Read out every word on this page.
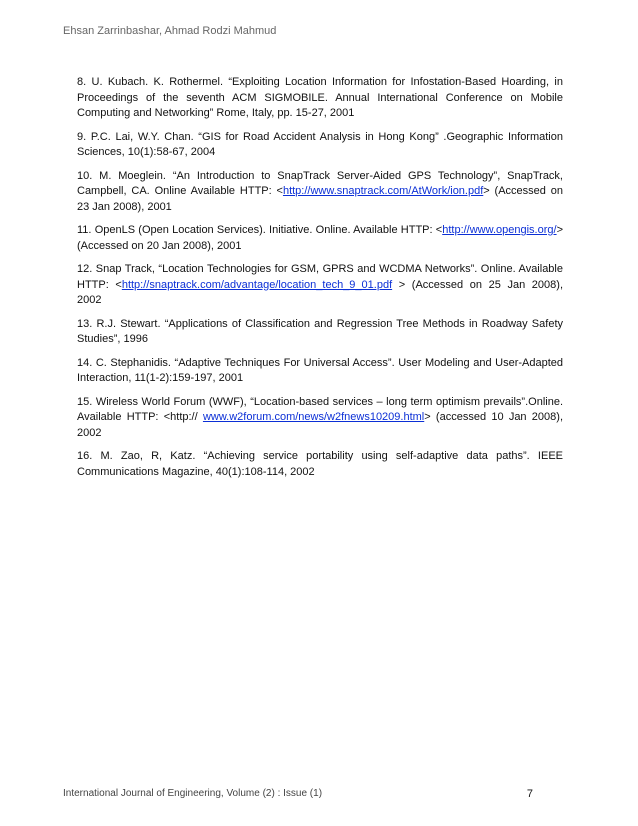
Ehsan Zarrinbashar, Ahmad Rodzi Mahmud

8. U. Kubach. K. Rothermel. “Exploiting Location Information for Infostation-Based Hoarding, in Proceedings of the seventh ACM SIGMOBILE. Annual International Conference on Mobile Computing and Networking” Rome, Italy, pp. 15-27, 2001

9. P.C. Lai, W.Y. Chan. “GIS for Road Accident Analysis in Hong Kong” .Geographic Information Sciences, 10(1):58-67, 2004

10. M. Moeglein. “An Introduction to SnapTrack Server-Aided GPS Technology”, SnapTrack, Campbell, CA. Online Available HTTP: <http://www.snaptrack.com/AtWork/ion.pdf> (Accessed on 23 Jan 2008), 2001

11. OpenLS (Open Location Services). Initiative. Online. Available HTTP: <http://www.opengis.org/> (Accessed on 20 Jan 2008), 2001

12. Snap Track, “Location Technologies for GSM, GPRS and WCDMA Networks”. Online. Available HTTP: <http://snaptrack.com/advantage/location_tech_9_01.pdf > (Accessed on 25 Jan 2008), 2002

13. R.J. Stewart. “Applications of Classification and Regression Tree Methods in Roadway Safety Studies”, 1996

14. C. Stephanidis. “Adaptive Techniques For Universal Access”. User Modeling and User-Adapted Interaction, 11(1-2):159-197, 2001

15. Wireless World Forum (WWF), “Location-based services – long term optimism prevails”.Online. Available HTTP: <http:// www.w2forum.com/news/w2fnews10209.html> (accessed 10 Jan 2008), 2002

16. M. Zao, R, Katz. “Achieving service portability using self-adaptive data paths”. IEEE Communications Magazine, 40(1):108-114, 2002

International Journal of Engineering, Volume (2) : Issue (1)	7
